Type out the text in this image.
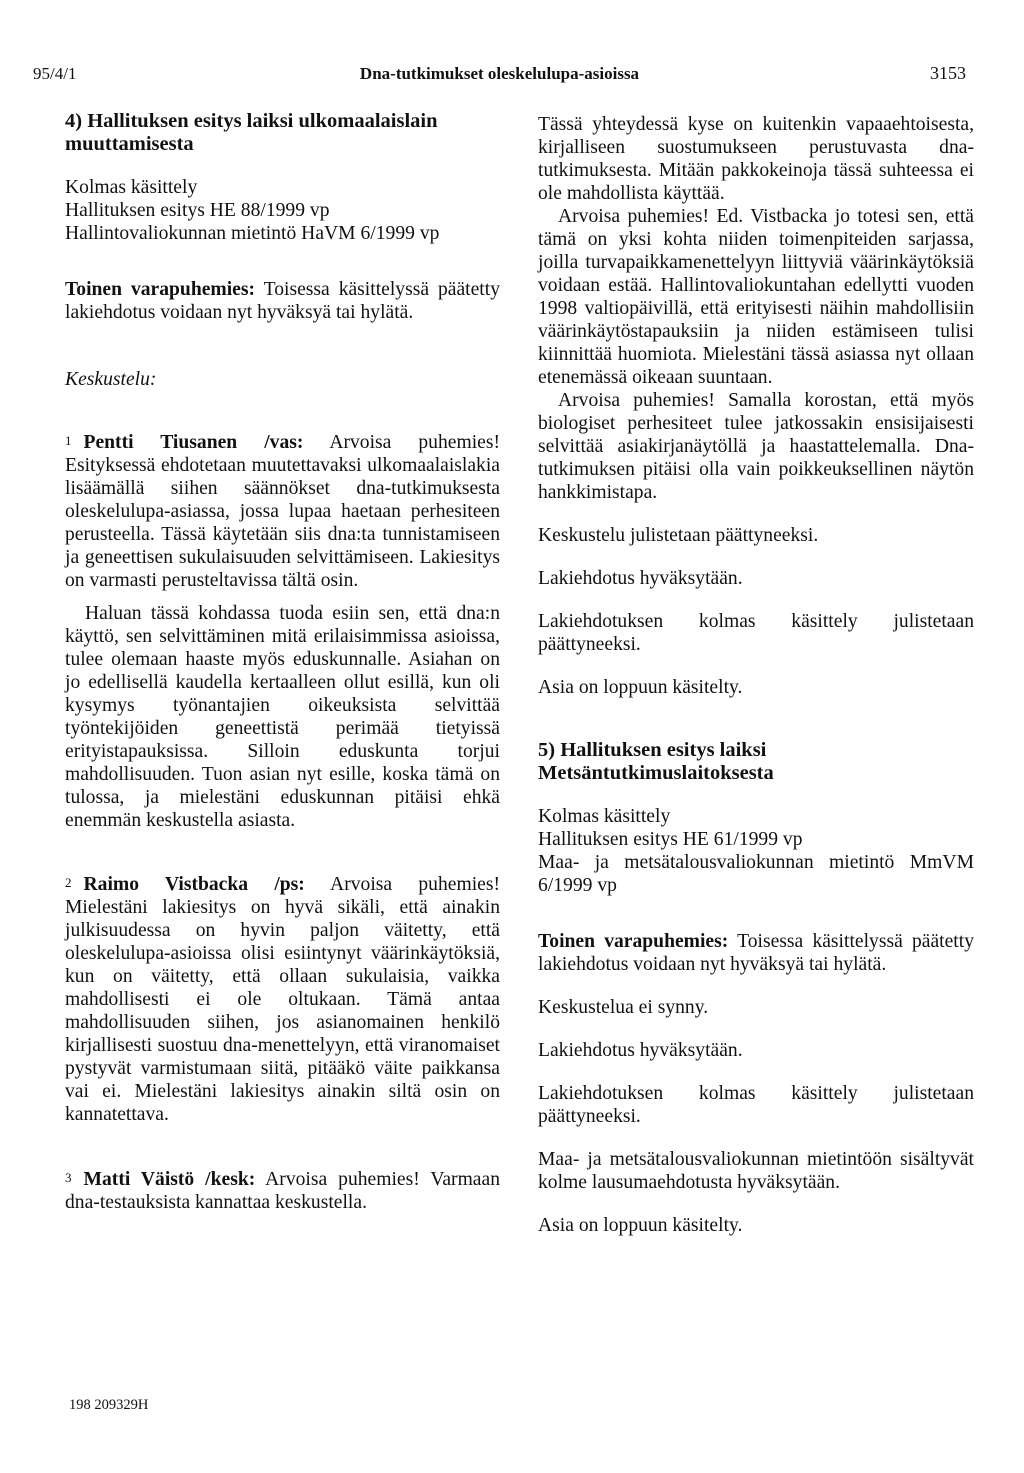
95/4/1	Dna-tutkimukset oleskelulupa-asioissa	3153

4) Hallituksen esitys laiksi ulkomaalaislain muuttamisesta

Kolmas käsittely
Hallituksen esitys HE 88/1999 vp
Hallintovaliokunnan mietintö HaVM 6/1999 vp

Toinen varapuhemies: Toisessa käsittelyssä päätetty lakiehdotus voidaan nyt hyväksyä tai hylätä.

Keskustelu:

1 Pentti Tiusanen /vas: Arvoisa puhemies! Esityksessä ehdotetaan muutettavaksi ulkomaalaislakia lisäämällä siihen säännökset dna-tutkimuksesta oleskelulupa-asiassa, jossa lupaa haetaan perhesiteen perusteella. Tässä käytetään siis dna:ta tunnistamiseen ja geneettisen sukulaisuuden selvittämiseen. Lakiesitys on varmasti perusteltavissa tältä osin.

Haluan tässä kohdassa tuoda esiin sen, että dna:n käyttö, sen selvittäminen mitä erilaisimmissa asioissa, tulee olemaan haaste myös eduskunnalle. Asiahan on jo edellisellä kaudella kertaalleen ollut esillä, kun oli kysymys työnantajien oikeuksista selvittää työntekijöiden geneettistä perimää tietyissä erityistapauksissa. Silloin eduskunta torjui mahdollisuuden. Tuon asian nyt esille, koska tämä on tulossa, ja mielestäni eduskunnan pitäisi ehkä enemmän keskustella asiasta.

2 Raimo Vistbacka /ps: Arvoisa puhemies! Mielestäni lakiesitys on hyvä sikäli, että ainakin julkisuudessa on hyvin paljon väitetty, että oleskelulupa-asioissa olisi esiintynyt väärinkäytöksiä, kun on väitetty, että ollaan sukulaisia, vaikka mahdollisesti ei ole oltukaan. Tämä antaa mahdollisuuden siihen, jos asianomainen henkilö kirjallisesti suostuu dna-menettelyyn, että viranomaiset pystyvät varmistumaan siitä, pitääkö väite paikkansa vai ei. Mielestäni lakiesitys ainakin siltä osin on kannatettava.

3 Matti Väistö /kesk: Arvoisa puhemies! Varmaan dna-testauksista kannattaa keskustella.

Tässä yhteydessä kyse on kuitenkin vapaaehtoisesta, kirjalliseen suostumukseen perustuvasta dna-tutkimuksesta. Mitään pakkokeinoja tässä suhteessa ei ole mahdollista käyttää.

Arvoisa puhemies! Ed. Vistbacka jo totesi sen, että tämä on yksi kohta niiden toimenpiteiden sarjassa, joilla turvapaikkamenettelyyn liittyviä väärinkäytöksiä voidaan estää. Hallintovaliokuntahan edellytti vuoden 1998 valtiopäivillä, että erityisesti näihin mahdollisiin väärinkäytöstapauksiin ja niiden estämiseen tulisi kiinnittää huomiota. Mielestäni tässä asiassa nyt ollaan etenemässä oikeaan suuntaan.

Arvoisa puhemies! Samalla korostan, että myös biologiset perhesiteet tulee jatkossakin ensisijaisesti selvittää asiakirjanäytöllä ja haastattelemalla. Dna-tutkimuksen pitäisi olla vain poikkeuksellinen näytön hankkimistapa.

Keskustelu julistetaan päättyneeksi.

Lakiehdotus hyväksytään.

Lakiehdotuksen kolmas käsittely julistetaan päättyneeksi.

Asia on loppuun käsitelty.

5) Hallituksen esitys laiksi Metsäntutkimuslaitoksesta

Kolmas käsittely
Hallituksen esitys HE 61/1999 vp
Maa- ja metsätalousvaliokunnan mietintö MmVM 6/1999 vp

Toinen varapuhemies: Toisessa käsittelyssä päätetty lakiehdotus voidaan nyt hyväksyä tai hylätä.

Keskustelua ei synny.

Lakiehdotus hyväksytään.

Lakiehdotuksen kolmas käsittely julistetaan päättyneeksi.

Maa- ja metsätalousvaliokunnan mietintöön sisältyvät kolme lausumaehdotusta hyväksytään.

Asia on loppuun käsitelty.

198 209329H
